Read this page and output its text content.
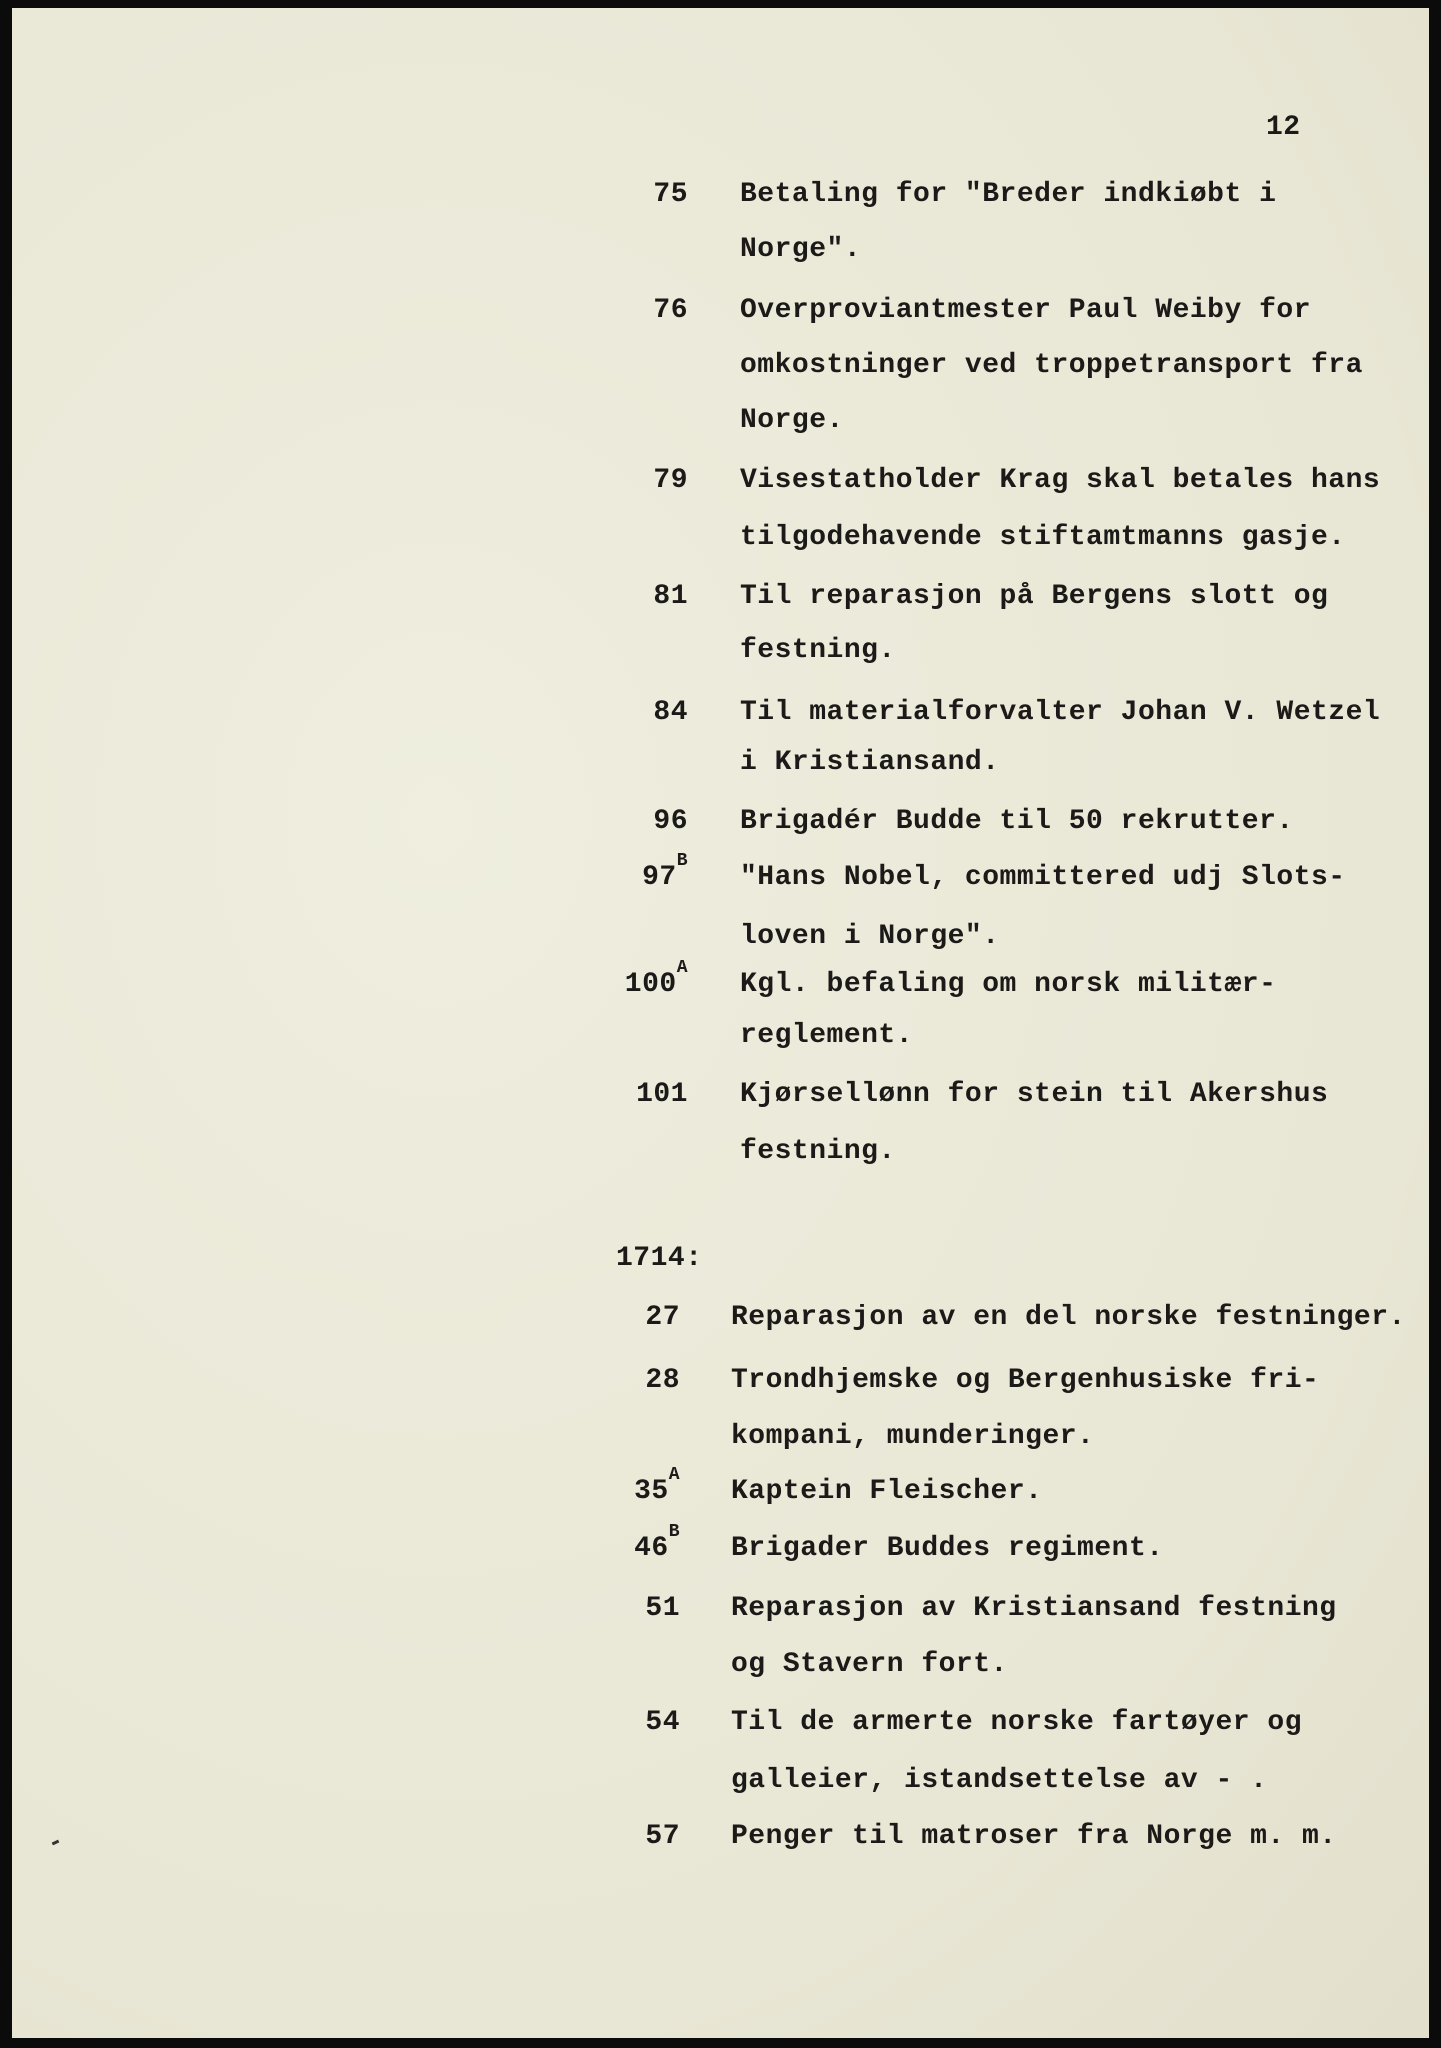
12
75 Betaling for "Breder indkiøbt i
Norge".
76 Overproviantmester Paul Weiby for
omkostninger ved troppetransport fra
Norge.
79 Visestatholder Krag skal betales hans
tilgodehavende stiftamtmanns gasje.
81 Til reparasjon på Bergens slott og
festning.
84 Til materialforvalter Johan V. Wetzel
i Kristiansand.
96 Brigadér Budde til 50 rekrutter.
$97^B$
"Hans Nobel, committered udj Slots-
loven i Norge".
$100^A$
Kgl. befaling om norsk militær-
reglement.
101 Kjørsellønn for stein til Akershus
festning.
1714:
27 Reparasjon av en del norske festninger.
28 Trondhjemske og Bergenhusiske fri-
kompani, munderinger.
$35^A$
Kaptein Fleischer.
$46^B$
Brigader Buddes regiment.
51 Reparasjon av Kristiansand festning
og Stavern fort.
54 Til de armerte norske fartøyer og
galleier, istandsettelse av - .
57 Penger til matroser fra Norge m. m.
